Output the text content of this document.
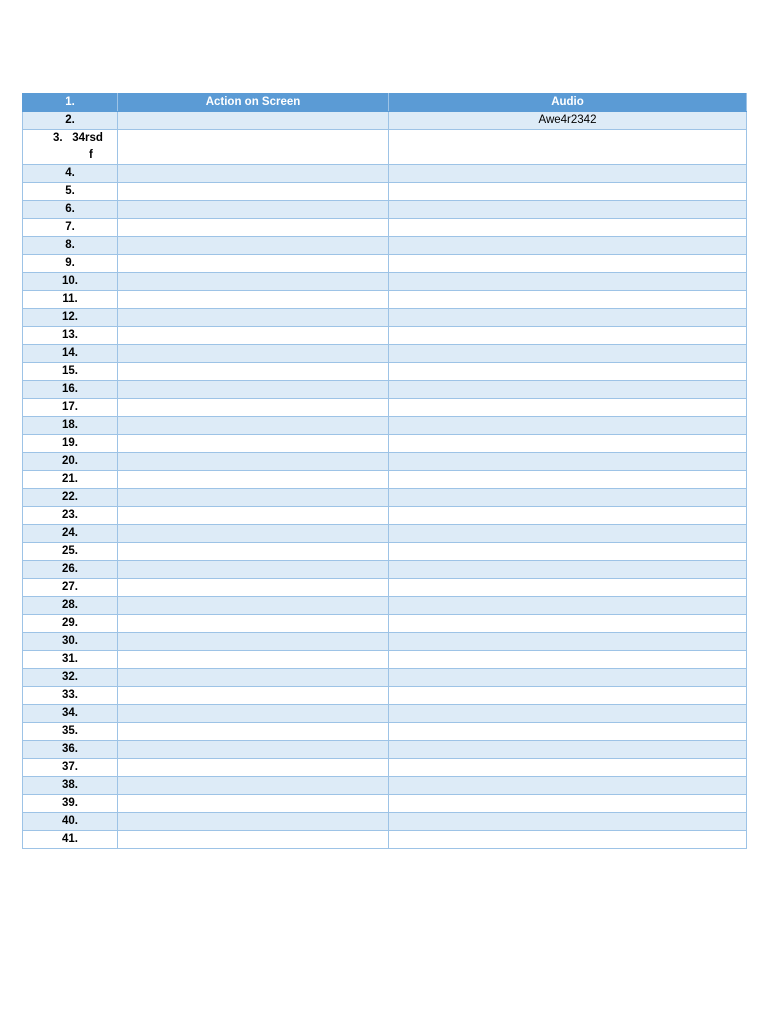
1.	Action on Screen	Audio
2.		Awe4r2342

3. 34rsd
f		

4.		
5.		
6.		
7.		
8.		
9.		
10.		
11.		
12.		
13.		
14.		
15.		
16.		
17.		
18.		
19.		
20.		
21.		
22.		
23.		
24.		
25.		
26.		
27.		
28.		
29.		
30.		
31.		
32.		
33.		
34.		
35.		
36.		
37.		
38.		
39.		
40.		
41.		
